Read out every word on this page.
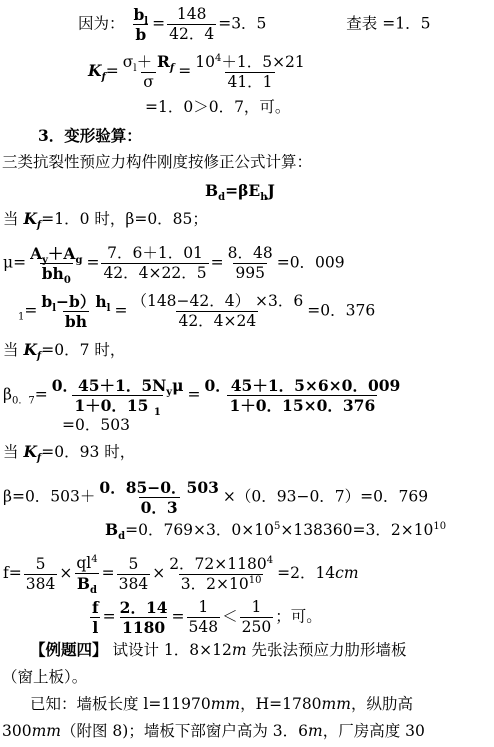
因为： $\frac{b_l}{b} = \frac{148}{42.4} =3$．5	查表 =1．5
$K_f= \frac{\sigma_l+ R_f}{\sigma} = \frac{10^4+1.5\times 21}{41.1}$
=1．0＞0．7，可。
3．变形验算：
三类抗裂性预应力构件刚度按修正公式计算：
$B_d=\beta E_hJ$
当 $K_f=1$．0 时，β=0．85；
$\mu= \frac{A_y+A_g}{bh_0} = \frac{7.6+1.01}{42.4\times 22.5} = \frac{8.48}{995} =0$．009
$_1= \frac{b_l-b)h_l}{bh} = \frac{(148-42.4) \times 3.6}{42.4\times 24} =0$．376
当 $K_f=0$．7 时，
$\beta_{0.7}= \frac{0.45+1.5N_y\mu}{1+0.15 _1} = \frac{0.45+1.5\times 6\times 0.009}{1+0.15\times 0.376}$
=0．503
当 $K_f=0$．93 时，
β=0．$503+ \frac{0.85-0.503}{0.3} \times(0$．93−0．7）=0．769
$B_d=0$．769×3．$0\times 10^5\times 138360=3$．$2\times 10^{10}$
$f= \frac{5}{384} \times \frac{ql^4}{B_d} = \frac{5}{384} \times \frac{2.72\times 1180^4}{3.2\times 10^{10}} =2$．14cm
$\frac{f}{l} = \frac{2.14}{1180} = \frac{1}{548} < \frac{1}{250}$ ；可。
【例题四】 试设计 1．8×12m 先张法预应力肋形墙板
（窗上板）。
已知：墙板长度 l=11970mm，H=1780mm，纵肋高
300mm（附图 8)；墙板下部窗户高为 3．6m，厂房高度 30
